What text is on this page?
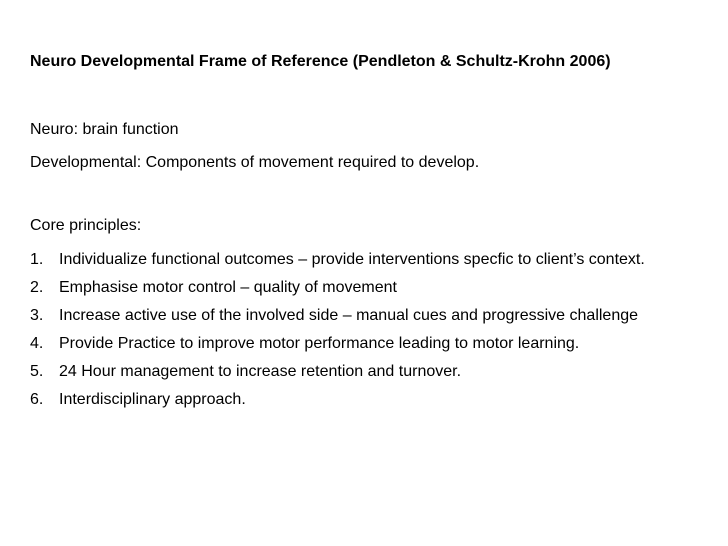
Neuro Developmental Frame of Reference (Pendleton & Schultz-Krohn 2006)
Neuro: brain function
Developmental: Components of movement required to develop.
Core principles:
1. Individualize functional outcomes – provide interventions specfic to client’s context.
2. Emphasise motor control – quality of movement
3. Increase active use of the involved side – manual cues and progressive challenge
4. Provide Practice to improve motor performance leading to motor learning.
5. 24 Hour management to increase retention and turnover.
6. Interdisciplinary approach.
